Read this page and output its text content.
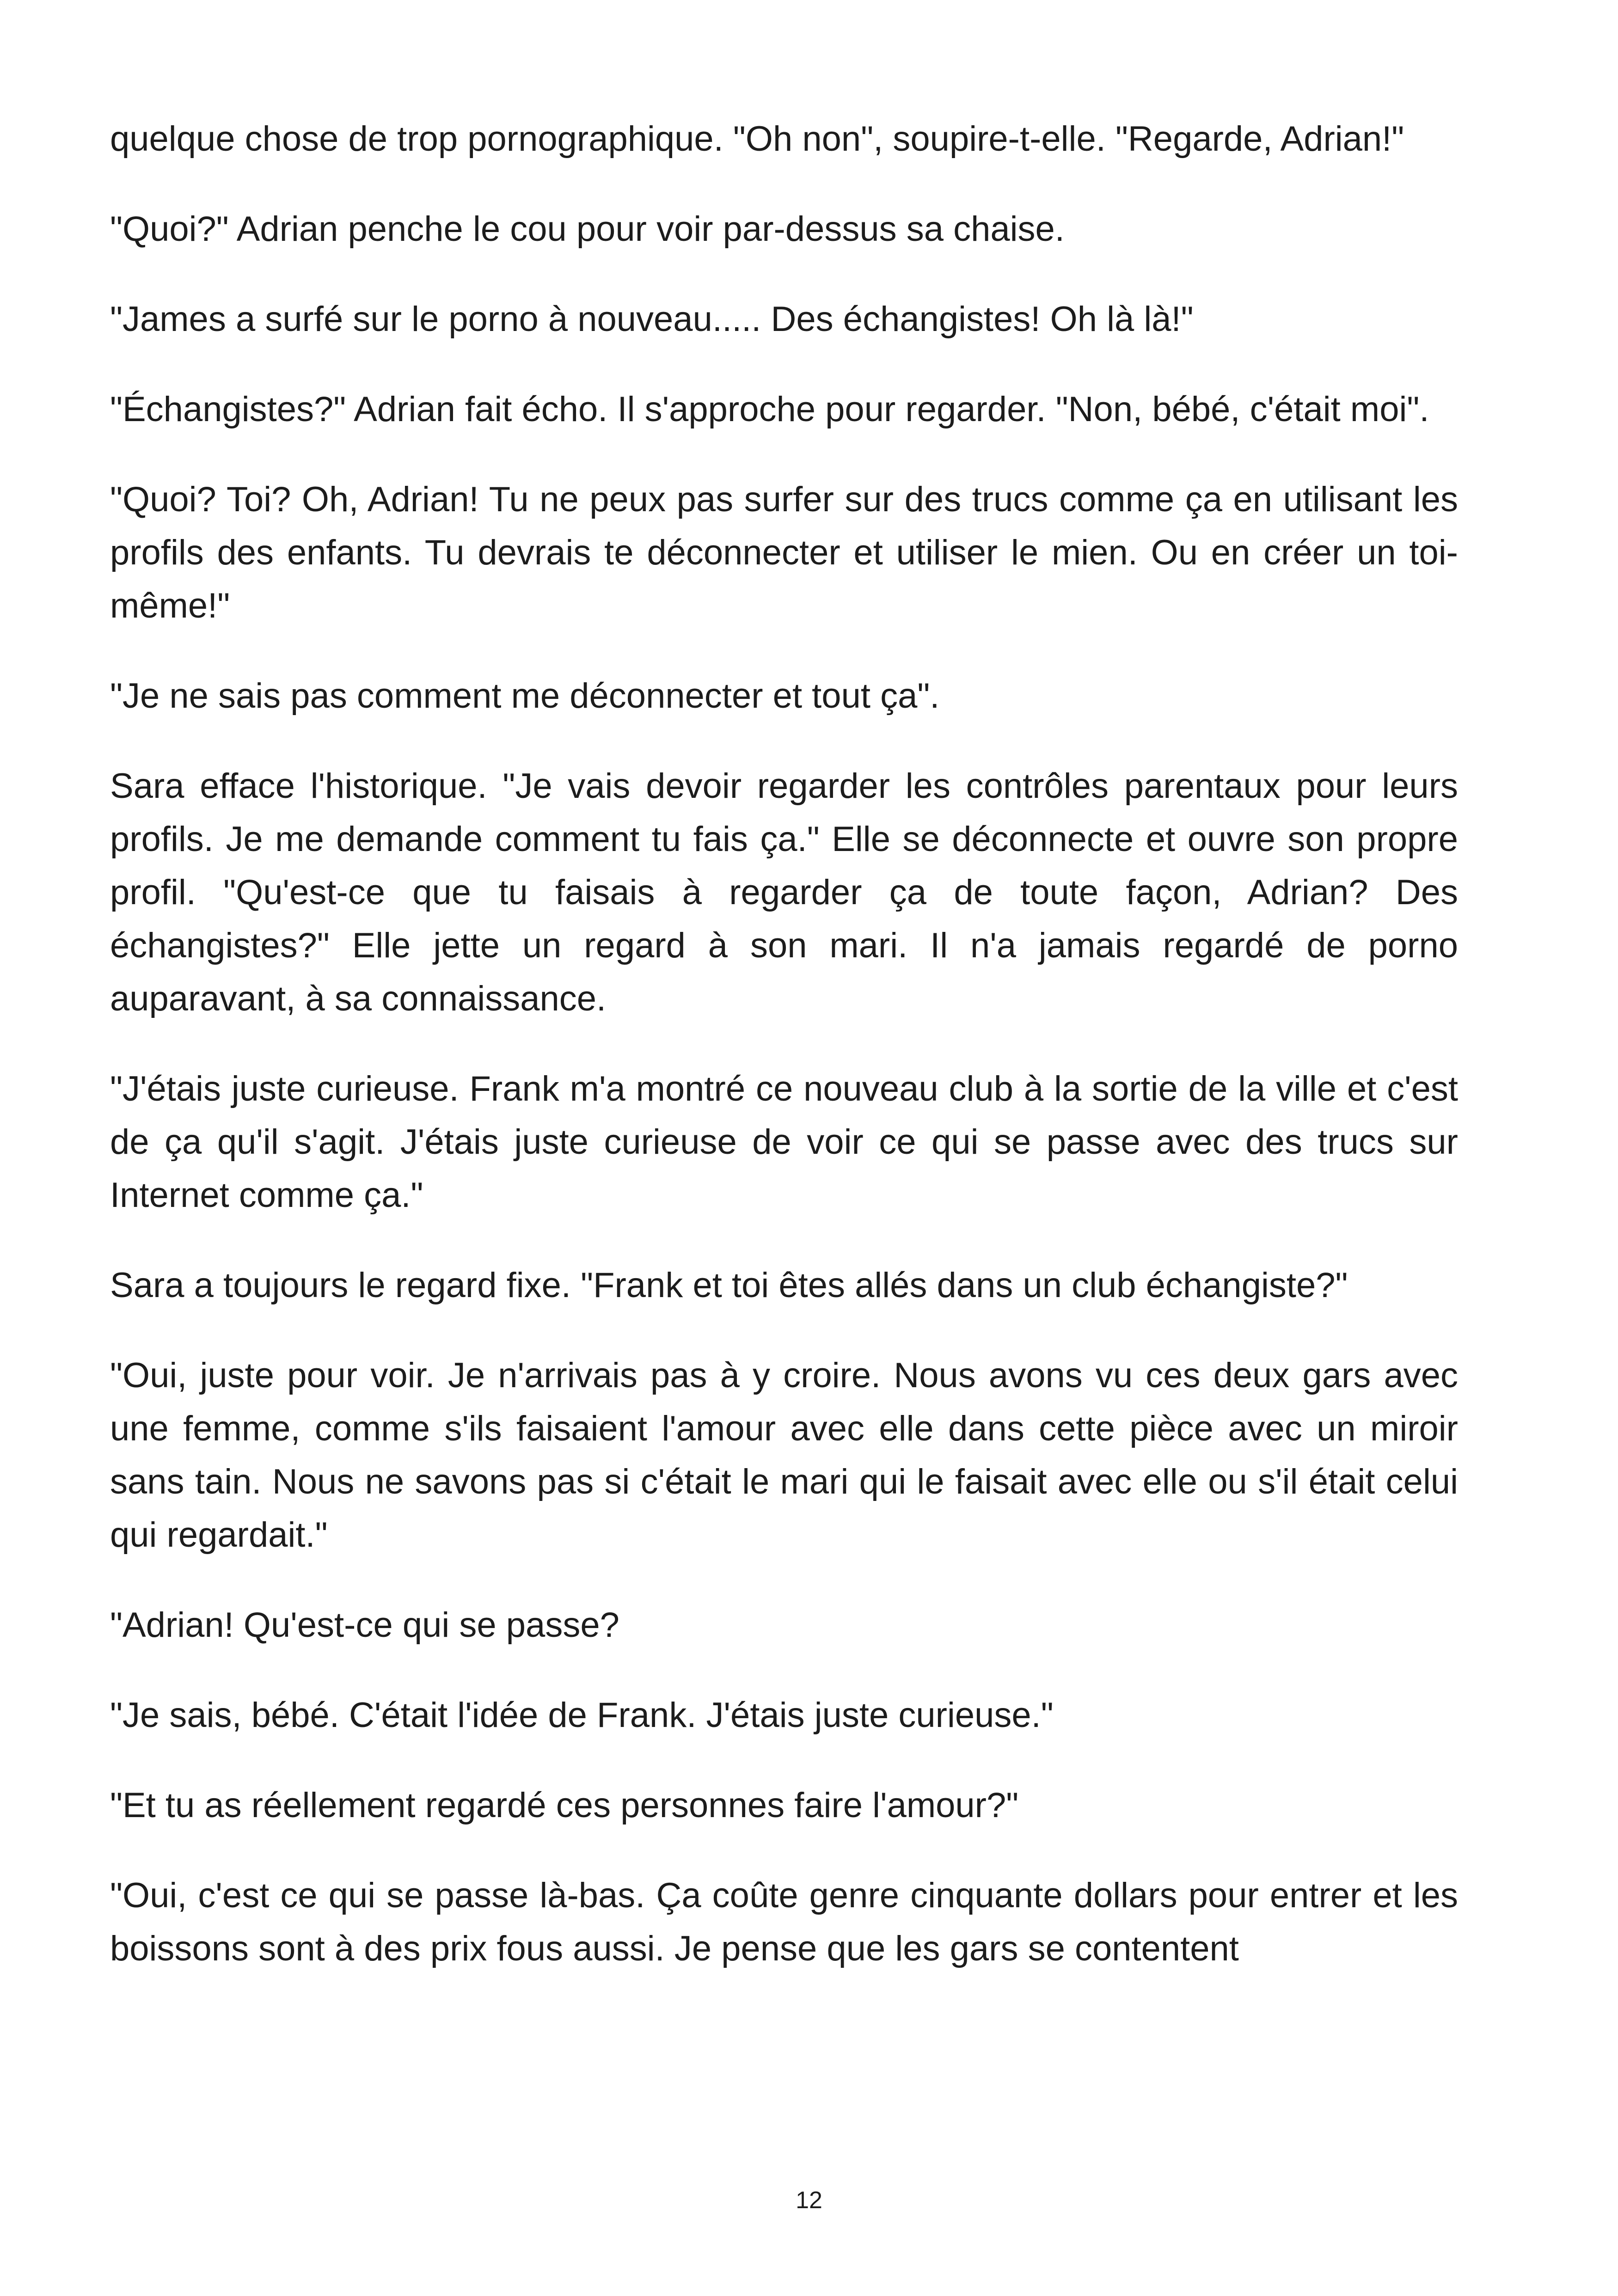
quelque chose de trop pornographique. "Oh non", soupire-t-elle. "Regarde, Adrian!"

"Quoi?" Adrian penche le cou pour voir par-dessus sa chaise.

"James a surfé sur le porno à nouveau..... Des échangistes! Oh là là!"

"Échangistes?" Adrian fait écho. Il s'approche pour regarder. "Non, bébé, c'était moi".

"Quoi? Toi? Oh, Adrian! Tu ne peux pas surfer sur des trucs comme ça en utilisant les profils des enfants. Tu devrais te déconnecter et utiliser le mien. Ou en créer un toi-même!"

"Je ne sais pas comment me déconnecter et tout ça".

Sara efface l'historique. "Je vais devoir regarder les contrôles parentaux pour leurs profils. Je me demande comment tu fais ça." Elle se déconnecte et ouvre son propre profil. "Qu'est-ce que tu faisais à regarder ça de toute façon, Adrian? Des échangistes?" Elle jette un regard à son mari. Il n'a jamais regardé de porno auparavant, à sa connaissance.

"J'étais juste curieuse. Frank m'a montré ce nouveau club à la sortie de la ville et c'est de ça qu'il s'agit. J'étais juste curieuse de voir ce qui se passe avec des trucs sur Internet comme ça."

Sara a toujours le regard fixe. "Frank et toi êtes allés dans un club échangiste?"

"Oui, juste pour voir. Je n'arrivais pas à y croire. Nous avons vu ces deux gars avec une femme, comme s'ils faisaient l'amour avec elle dans cette pièce avec un miroir sans tain. Nous ne savons pas si c'était le mari qui le faisait avec elle ou s'il était celui qui regardait."

"Adrian! Qu'est-ce qui se passe?

"Je sais, bébé. C'était l'idée de Frank. J'étais juste curieuse."

"Et tu as réellement regardé ces personnes faire l'amour?"

"Oui, c'est ce qui se passe là-bas. Ça coûte genre cinquante dollars pour entrer et les boissons sont à des prix fous aussi. Je pense que les gars se contentent

12
